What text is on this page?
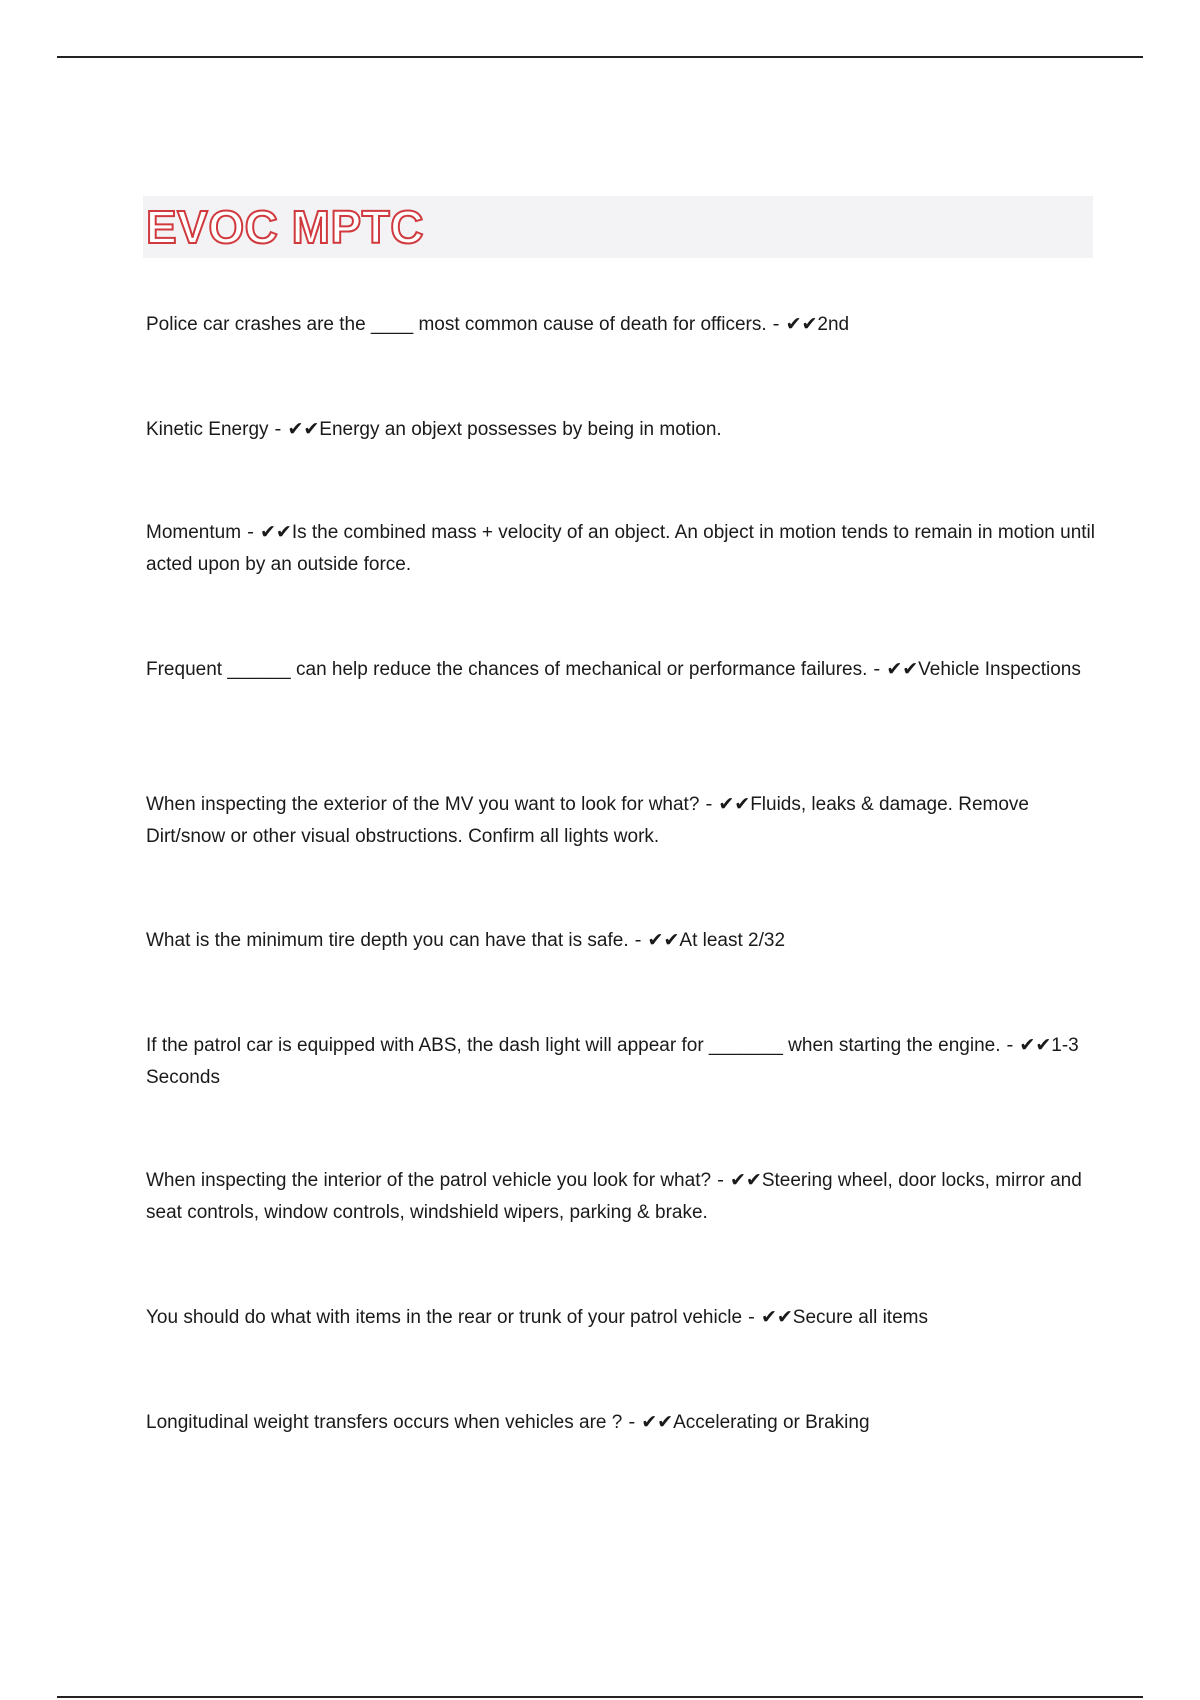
EVOC MPTC

Police car crashes are the ____ most common cause of death for officers. - ✔✔2nd

Kinetic Energy - ✔✔Energy an objext possesses by being in motion.

Momentum - ✔✔Is the combined mass + velocity of an object. An object in motion tends to remain in motion until acted upon by an outside force.

Frequent ______ can help reduce the chances of mechanical or performance failures. - ✔✔Vehicle Inspections

When inspecting the exterior of the MV you want to look for what? - ✔✔Fluids, leaks & damage. Remove Dirt/snow or other visual obstructions. Confirm all lights work.

What is the minimum tire depth you can have that is safe. - ✔✔At least 2/32

If the patrol car is equipped with ABS, the dash light will appear for _______ when starting the engine. - ✔✔1-3 Seconds

When inspecting the interior of the patrol vehicle you look for what? - ✔✔Steering wheel, door locks, mirror and seat controls, window controls, windshield wipers, parking & brake.

You should do what with items in the rear or trunk of your patrol vehicle - ✔✔Secure all items

Longitudinal weight transfers occurs when vehicles are ? - ✔✔Accelerating or Braking
